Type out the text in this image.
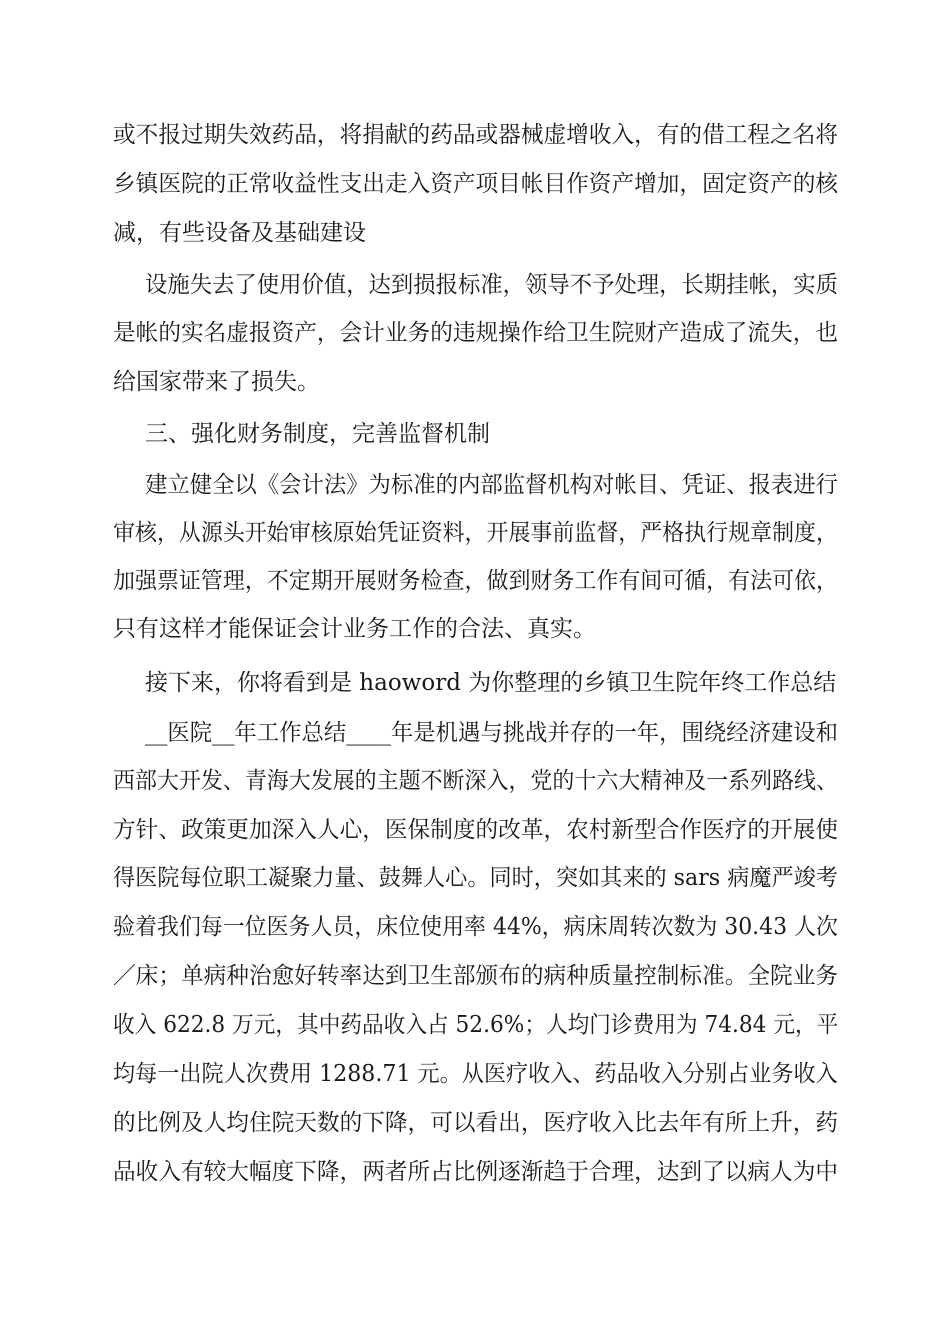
或不报过期失效药品，将捐献的药品或器械虚增收入，有的借工程之名将
乡镇医院的正常收益性支出走入资产项目帐目作资产增加，固定资产的核
减，有些设备及基础建设
设施失去了使用价值，达到损报标准，领导不予处理，长期挂帐，实质
是帐的实名虚报资产，会计业务的违规操作给卫生院财产造成了流失，也
给国家带来了损失。
三、强化财务制度，完善监督机制
建立健全以《会计法》为标准的内部监督机构对帐目、凭证、报表进行
审核，从源头开始审核原始凭证资料，开展事前监督，严格执行规章制度，
加强票证管理，不定期开展财务检查，做到财务工作有间可循，有法可依，
只有这样才能保证会计业务工作的合法、真实。
接下来，你将看到是 haoword 为你整理的乡镇卫生院年终工作总结
__医院__年工作总结____年是机遇与挑战并存的一年，围绕经济建设和
西部大开发、青海大发展的主题不断深入，党的十六大精神及一系列路线、
方针、政策更加深入人心，医保制度的改革，农村新型合作医疗的开展使
得医院每位职工凝聚力量、鼓舞人心。同时，突如其来的 sars 病魔严竣考
验着我们每一位医务人员，床位使用率 44%，病床周转次数为 30.43 人次
／床；单病种治愈好转率达到卫生部颁布的病种质量控制标准。全院业务
收入 622.8 万元，其中药品收入占 52.6%；人均门诊费用为 74.84 元，平
均每一出院人次费用 1288.71 元。从医疗收入、药品收入分别占业务收入
的比例及人均住院天数的下降，可以看出，医疗收入比去年有所上升，药
品收入有较大幅度下降，两者所占比例逐渐趋于合理，达到了以病人为中
